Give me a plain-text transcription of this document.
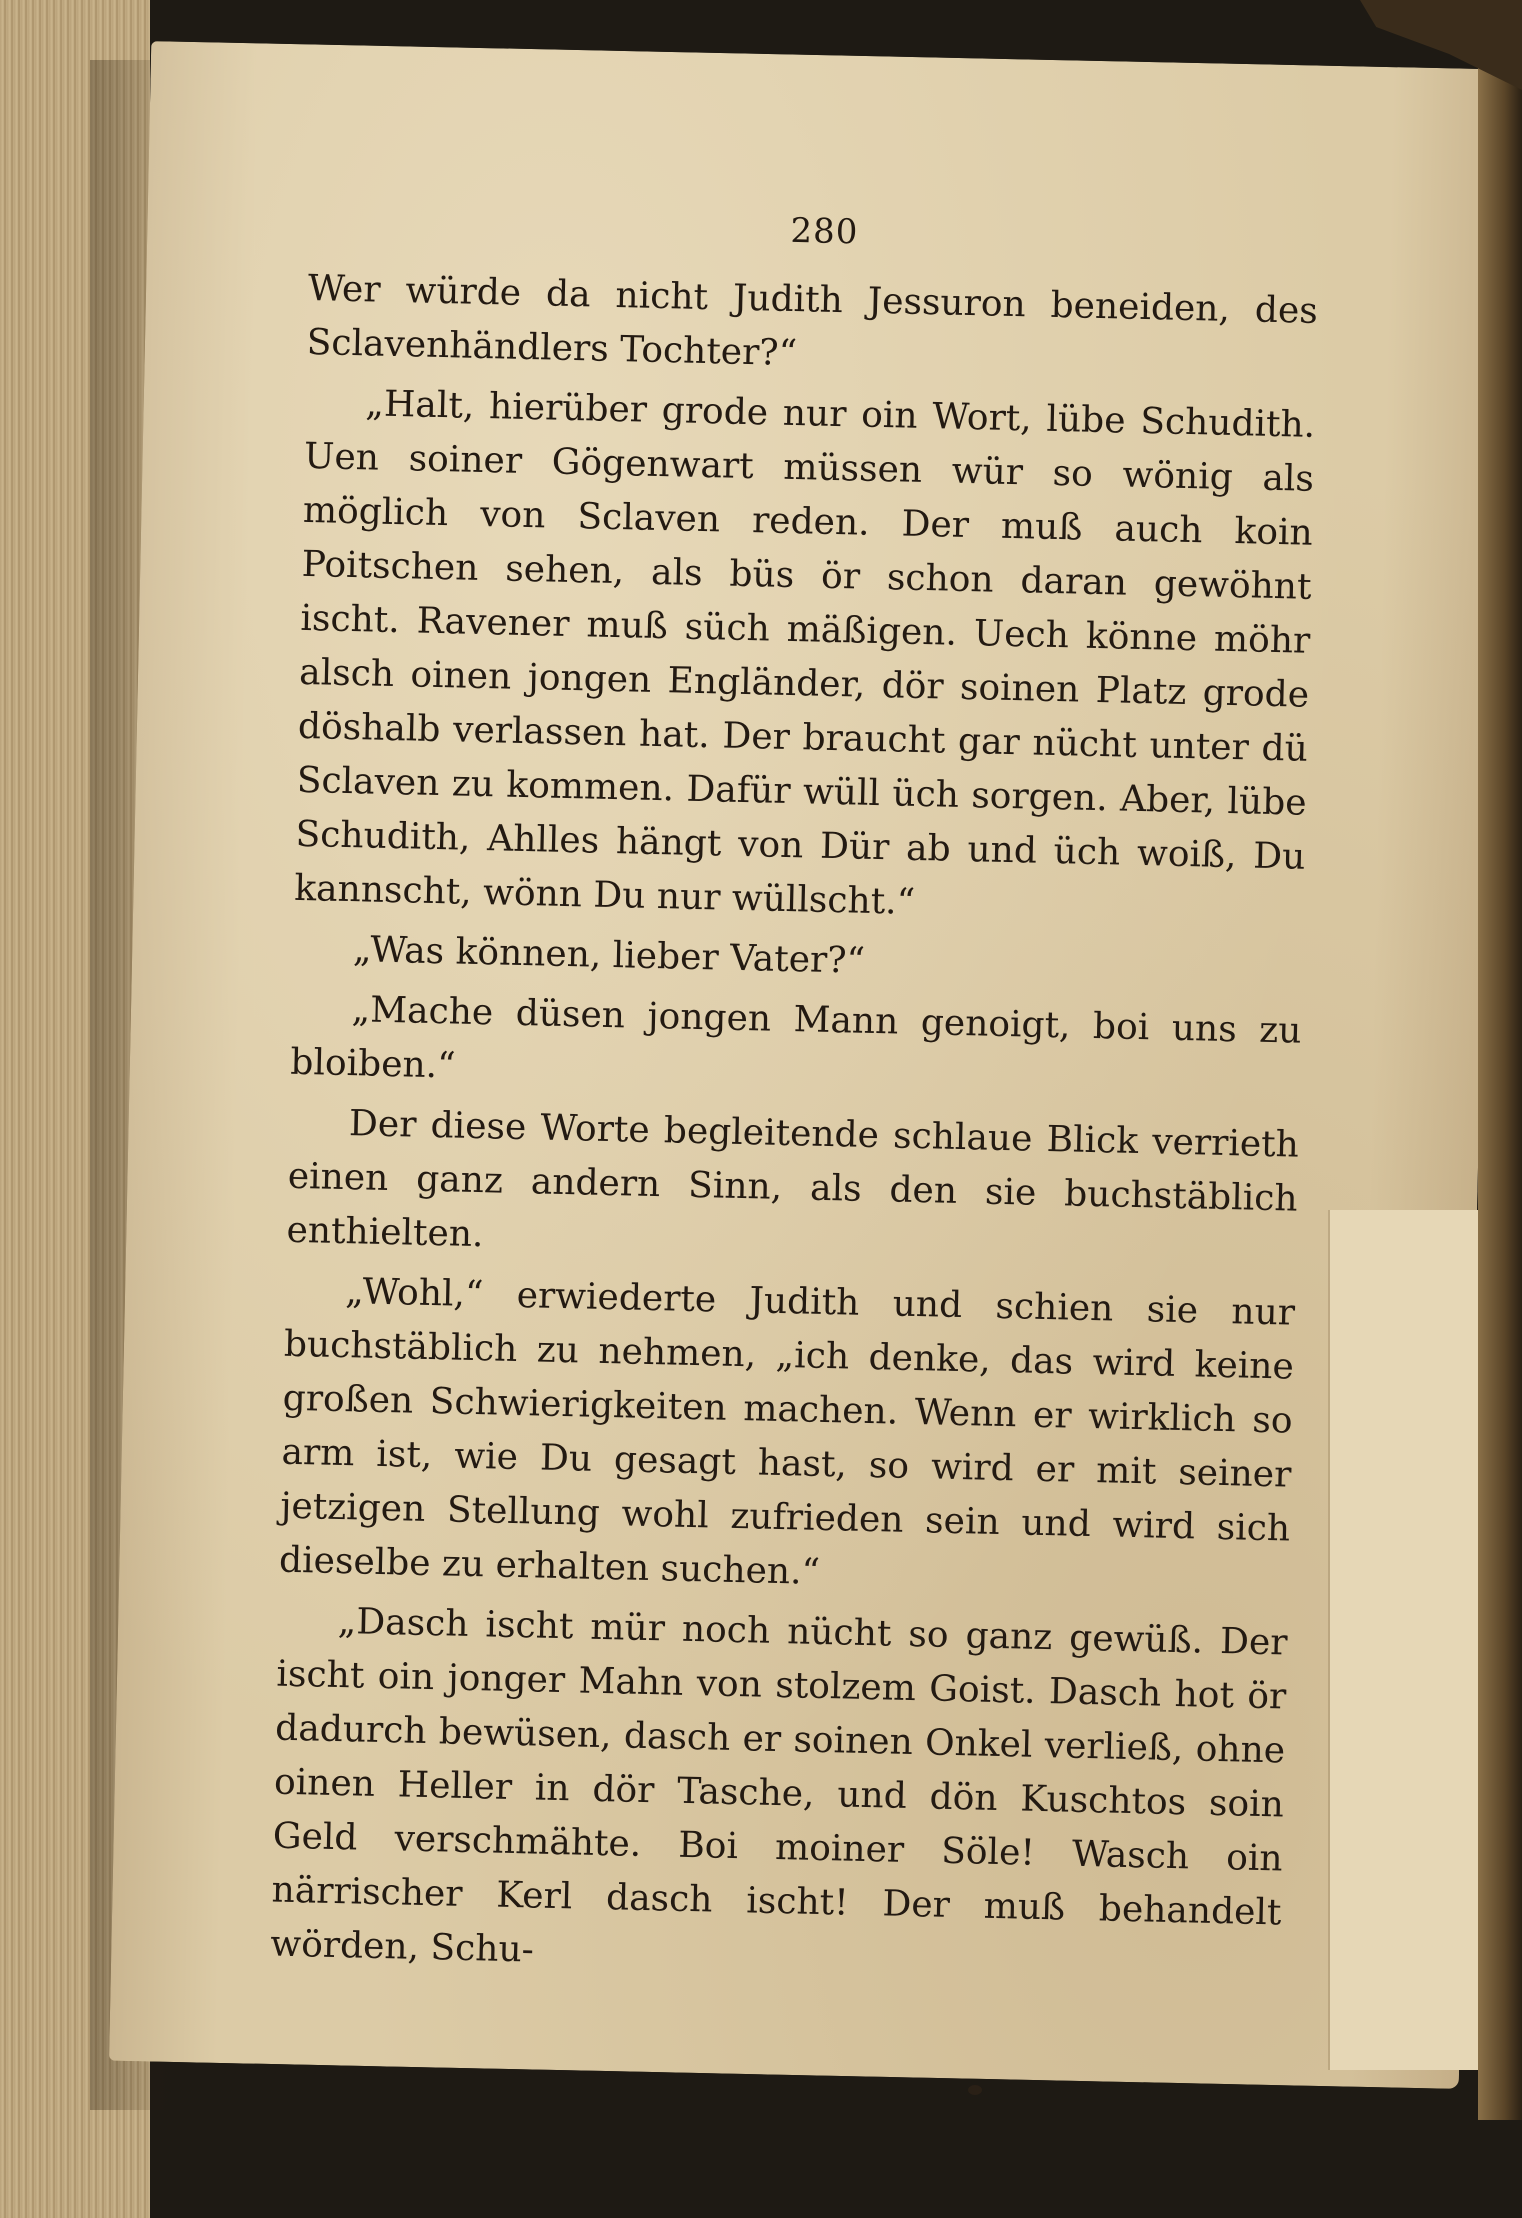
280

Wer würde da nicht Judith Jessuron beneiden, des Sclavenhändlers Tochter?“

„Halt, hierüber grode nur oin Wort, lübe Schudith. Uen soiner Gögenwart müssen wür so wönig als möglich von Sclaven reden. Der muß auch koin Poitschen sehen, als büs ör schon daran gewöhnt ischt. Ravener muß süch mäßigen. Uech könne möhr alsch oinen jongen Engländer, dör soinen Platz grode döshalb verlassen hat. Der braucht gar nücht unter dü Sclaven zu kommen. Dafür wüll üch sorgen. Aber, lübe Schudith, Ahlles hängt von Dür ab und üch woiß, Du kannscht, wönn Du nur wüllscht.“

„Was können, lieber Vater?“

„Mache düsen jongen Mann genoigt, boi uns zu bloiben.“

Der diese Worte begleitende schlaue Blick verrieth einen ganz andern Sinn, als den sie buchstäblich enthielten.

„Wohl,“ erwiederte Judith und schien sie nur buchstäblich zu nehmen, „ich denke, das wird keine großen Schwierigkeiten machen. Wenn er wirklich so arm ist, wie Du gesagt hast, so wird er mit seiner jetzigen Stellung wohl zufrieden sein und wird sich dieselbe zu erhalten suchen.“

„Dasch ischt mür noch nücht so ganz gewüß. Der ischt oin jonger Mahn von stolzem Goist. Dasch hot ör dadurch bewüsen, dasch er soinen Onkel verließ, ohne oinen Heller in dör Tasche, und dön Kuschtos soin Geld verschmähte. Boi moiner Söle! Wasch oin närrischer Kerl dasch ischt! Der muß behandelt wörden, Schu-
